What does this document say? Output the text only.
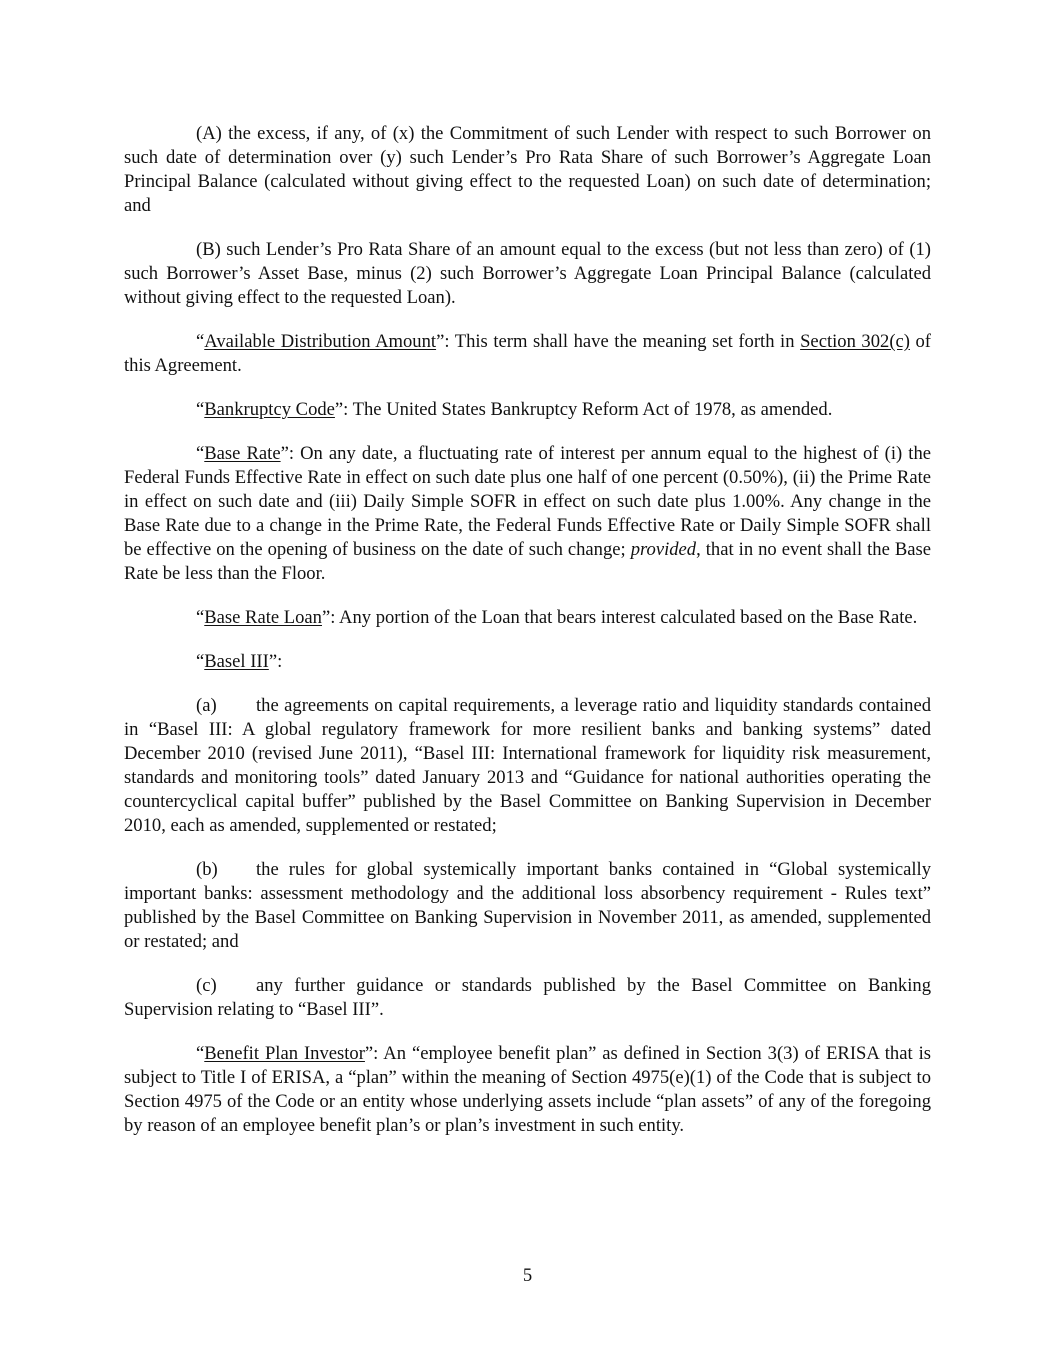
(A) the excess, if any, of (x) the Commitment of such Lender with respect to such Borrower on such date of determination over (y) such Lender’s Pro Rata Share of such Borrower’s Aggregate Loan Principal Balance (calculated without giving effect to the requested Loan) on such date of determination; and

(B) such Lender’s Pro Rata Share of an amount equal to the excess (but not less than zero) of (1) such Borrower’s Asset Base, minus (2) such Borrower’s Aggregate Loan Principal Balance (calculated without giving effect to the requested Loan).

“Available Distribution Amount”: This term shall have the meaning set forth in Section 302(c) of this Agreement.

“Bankruptcy Code”: The United States Bankruptcy Reform Act of 1978, as amended.

“Base Rate”: On any date, a fluctuating rate of interest per annum equal to the highest of (i) the Federal Funds Effective Rate in effect on such date plus one half of one percent (0.50%), (ii) the Prime Rate in effect on such date and (iii) Daily Simple SOFR in effect on such date plus 1.00%. Any change in the Base Rate due to a change in the Prime Rate, the Federal Funds Effective Rate or Daily Simple SOFR shall be effective on the opening of business on the date of such change; provided, that in no event shall the Base Rate be less than the Floor.

“Base Rate Loan”: Any portion of the Loan that bears interest calculated based on the Base Rate.

“Basel III”:

(a) the agreements on capital requirements, a leverage ratio and liquidity standards contained in “Basel III: A global regulatory framework for more resilient banks and banking systems” dated December 2010 (revised June 2011), “Basel III: International framework for liquidity risk measurement, standards and monitoring tools” dated January 2013 and “Guidance for national authorities operating the countercyclical capital buffer” published by the Basel Committee on Banking Supervision in December 2010, each as amended, supplemented or restated;

(b) the rules for global systemically important banks contained in “Global systemically important banks: assessment methodology and the additional loss absorbency requirement - Rules text” published by the Basel Committee on Banking Supervision in November 2011, as amended, supplemented or restated; and

(c) any further guidance or standards published by the Basel Committee on Banking Supervision relating to “Basel III”.

“Benefit Plan Investor”: An “employee benefit plan” as defined in Section 3(3) of ERISA that is subject to Title I of ERISA, a “plan” within the meaning of Section 4975(e)(1) of the Code that is subject to Section 4975 of the Code or an entity whose underlying assets include “plan assets” of any of the foregoing by reason of an employee benefit plan’s or plan’s investment in such entity.

5
